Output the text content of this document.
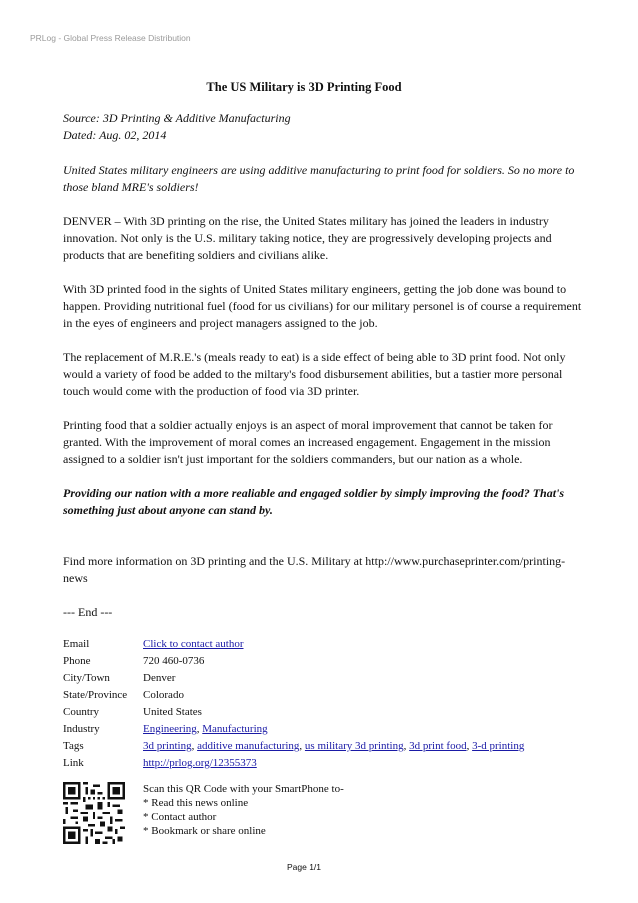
PRLog - Global Press Release Distribution
The US Military is 3D Printing Food

Source: 3D Printing & Additive Manufacturing

Dated: Aug. 02, 2014

United States military engineers are using additive manufacturing to print food for soldiers. So no more to those bland MRE's soldiers!

DENVER – With 3D printing on the rise, the United States military has joined the leaders in industry innovation. Not only is the U.S. military taking notice, they are progressively developing projects and products that are benefiting soldiers and civilians alike.

With 3D printed food in the sights of United States military engineers, getting the job done was bound to happen. Providing nutritional fuel (food for us civilians) for our military personel is of course a requirement in the eyes of engineers and project managers assigned to the job.

The replacement of M.R.E.'s (meals ready to eat) is a side effect of being able to 3D print food. Not only would a variety of food be added to the miltary's food disbursement abilities, but a tastier more personal touch would come with the production of food via 3D printer.

Printing food that a soldier actually enjoys is an aspect of moral improvement that cannot be taken for granted. With the improvement of moral comes an increased engagement. Engagement in the mission assigned to a soldier isn't just important for the soldiers commanders, but our nation as a whole.

Providing our nation with a more realiable and engaged soldier by simply improving the food? That's something just about anyone can stand by.

Find more information on 3D printing and the U.S. Military at http://www.purchaseprinter.com/printing-news

--- End ---

Email	Click to contact author
Phone	720 460-0736
City/Town	Denver
State/Province	Colorado
Country	United States
Industry	Engineering, Manufacturing
Tags	3d printing, additive manufacturing, us military 3d printing, 3d print food, 3-d printing
Link	http://prlog.org/12355373
Scan this QR Code with your SmartPhone to-
* Read this news online
* Contact author
* Bookmark or share online
Page 1/1
